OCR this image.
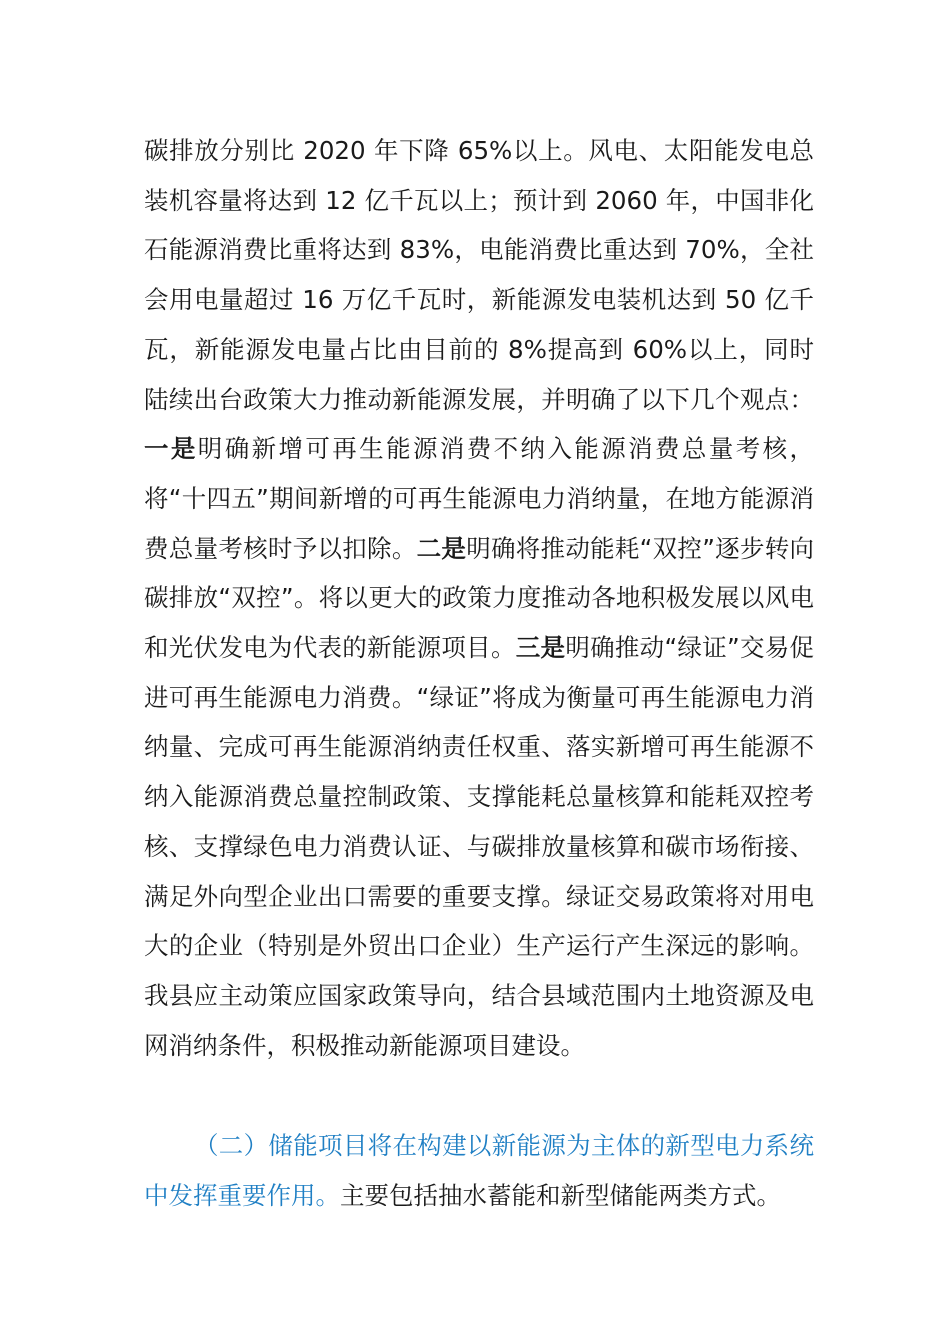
碳排放分别比 2020 年下降 65%以上。风电、太阳能发电总装机容量将达到 12 亿千瓦以上；预计到 2060 年，中国非化石能源消费比重将达到 83%，电能消费比重达到 70%，全社会用电量超过 16 万亿千瓦时，新能源发电装机达到 50 亿千瓦，新能源发电量占比由目前的 8%提高到 60%以上，同时陆续出台政策大力推动新能源发展，并明确了以下几个观点：一是明确新增可再生能源消费不纳入能源消费总量考核，将“十四五”期间新增的可再生能源电力消纳量，在地方能源消费总量考核时予以扣除。二是明确将推动能耗“双控”逐步转向碳排放“双控”。将以更大的政策力度推动各地积极发展以风电和光伏发电为代表的新能源项目。三是明确推动“绿证”交易促进可再生能源电力消费。“绿证”将成为衡量可再生能源电力消纳量、完成可再生能源消纳责任权重、落实新增可再生能源不纳入能源消费总量控制政策、支撑能耗总量核算和能耗双控考核、支撑绿色电力消费认证、与碳排放量核算和碳市场衔接、满足外向型企业出口需要的重要支撑。绿证交易政策将对用电大的企业（特别是外贸出口企业）生产运行产生深远的影响。我县应主动策应国家政策导向，结合县域范围内土地资源及电网消纳条件，积极推动新能源项目建设。

（二）储能项目将在构建以新能源为主体的新型电力系统中发挥重要作用。主要包括抽水蓄能和新型储能两类方式。
